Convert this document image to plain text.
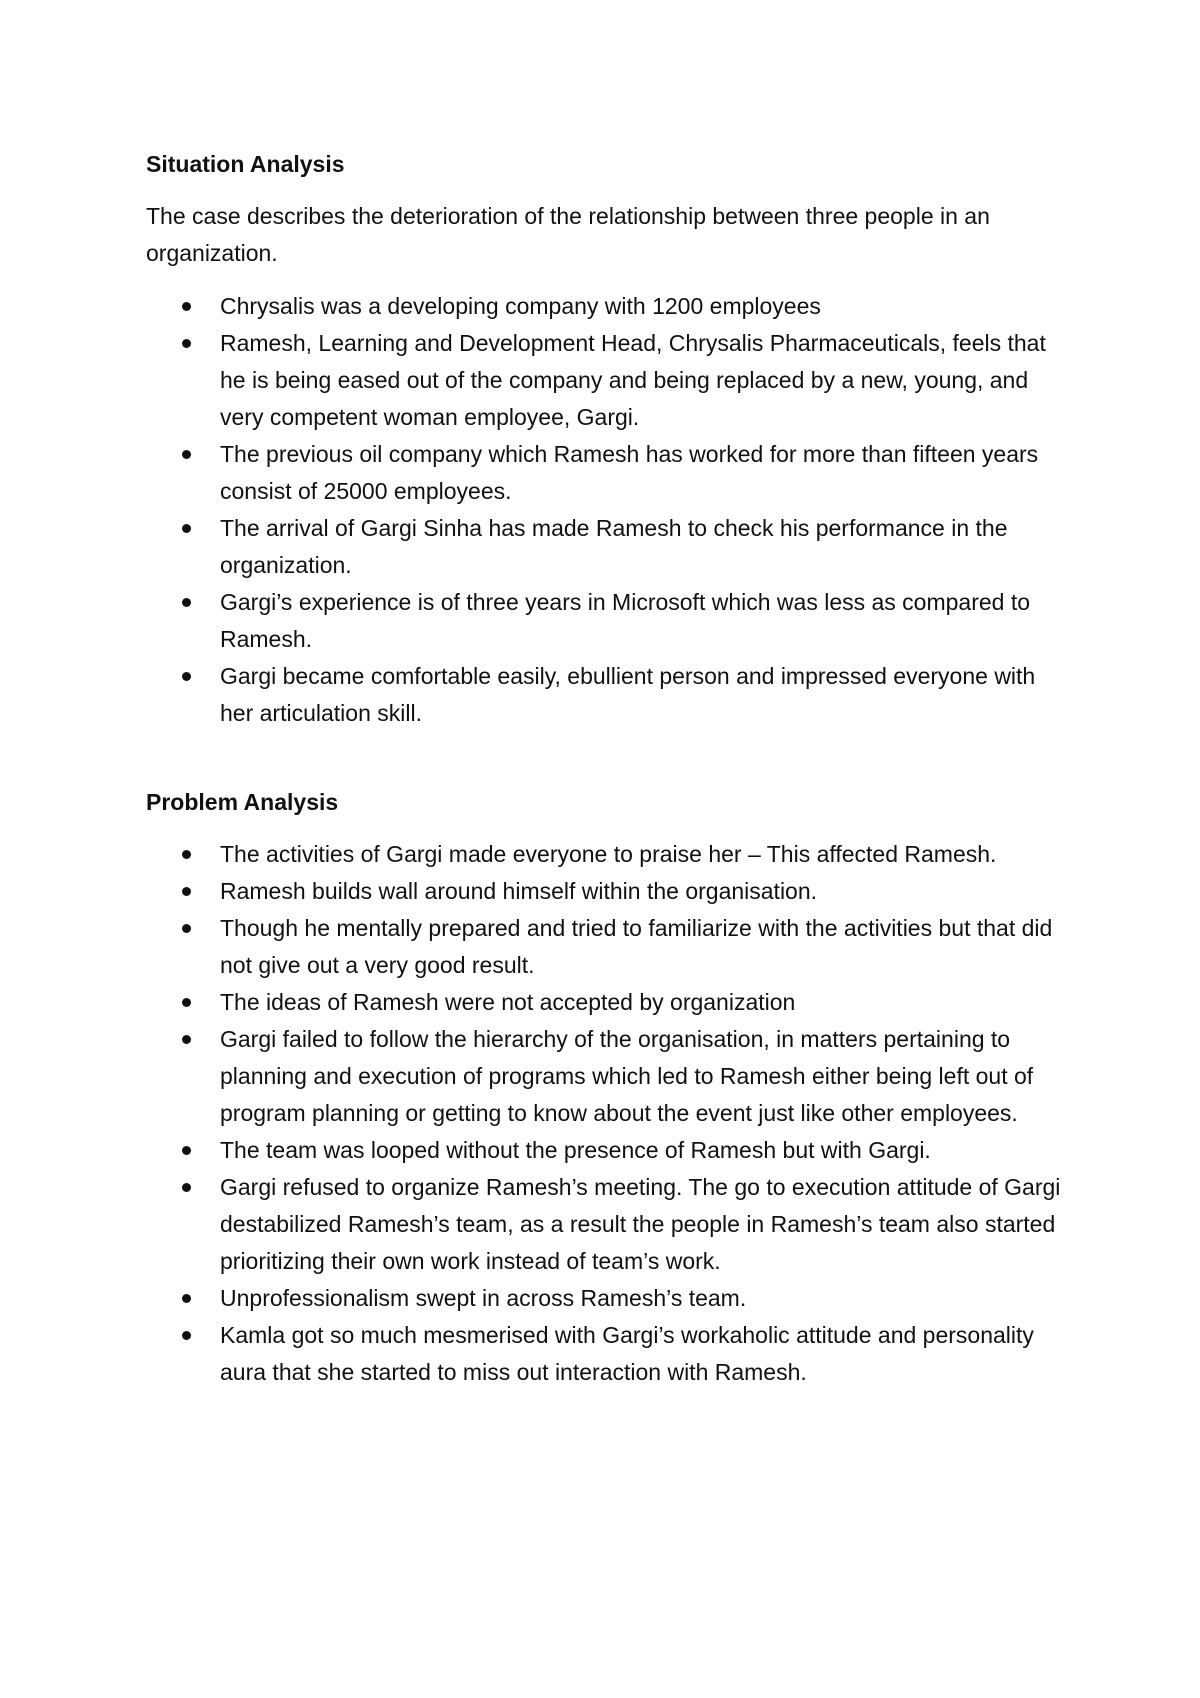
Situation Analysis
The case describes the deterioration of the relationship between three people in an organization.
Chrysalis was a developing company with 1200 employees
Ramesh, Learning and Development Head, Chrysalis Pharmaceuticals, feels that he is being eased out of the company and being replaced by a new, young, and very competent woman employee, Gargi.
The previous oil company which Ramesh has worked for more than fifteen years consist of 25000 employees.
The arrival of Gargi Sinha has made Ramesh to check his performance in the organization.
Gargi’s experience is of three years in Microsoft which was less as compared to Ramesh.
Gargi became comfortable easily, ebullient person and impressed everyone with her articulation skill.
Problem Analysis
The activities of Gargi made everyone to praise her – This affected Ramesh.
Ramesh builds wall around himself within the organisation.
Though he mentally prepared and tried to familiarize with the activities but that did not give out a very good result.
The ideas of Ramesh were not accepted by organization
Gargi failed to follow the hierarchy of the organisation, in matters pertaining to planning and execution of programs which led to Ramesh either being left out of program planning or getting to know about the event just like other employees.
The team was looped without the presence of Ramesh but with Gargi.
Gargi refused to organize Ramesh’s meeting. The go to execution attitude of Gargi destabilized Ramesh’s team, as a result the people in Ramesh’s team also started prioritizing their own work instead of team’s work.
Unprofessionalism swept in across Ramesh’s team.
Kamla got so much mesmerised with Gargi’s workaholic attitude and personality aura that she started to miss out interaction with Ramesh.
